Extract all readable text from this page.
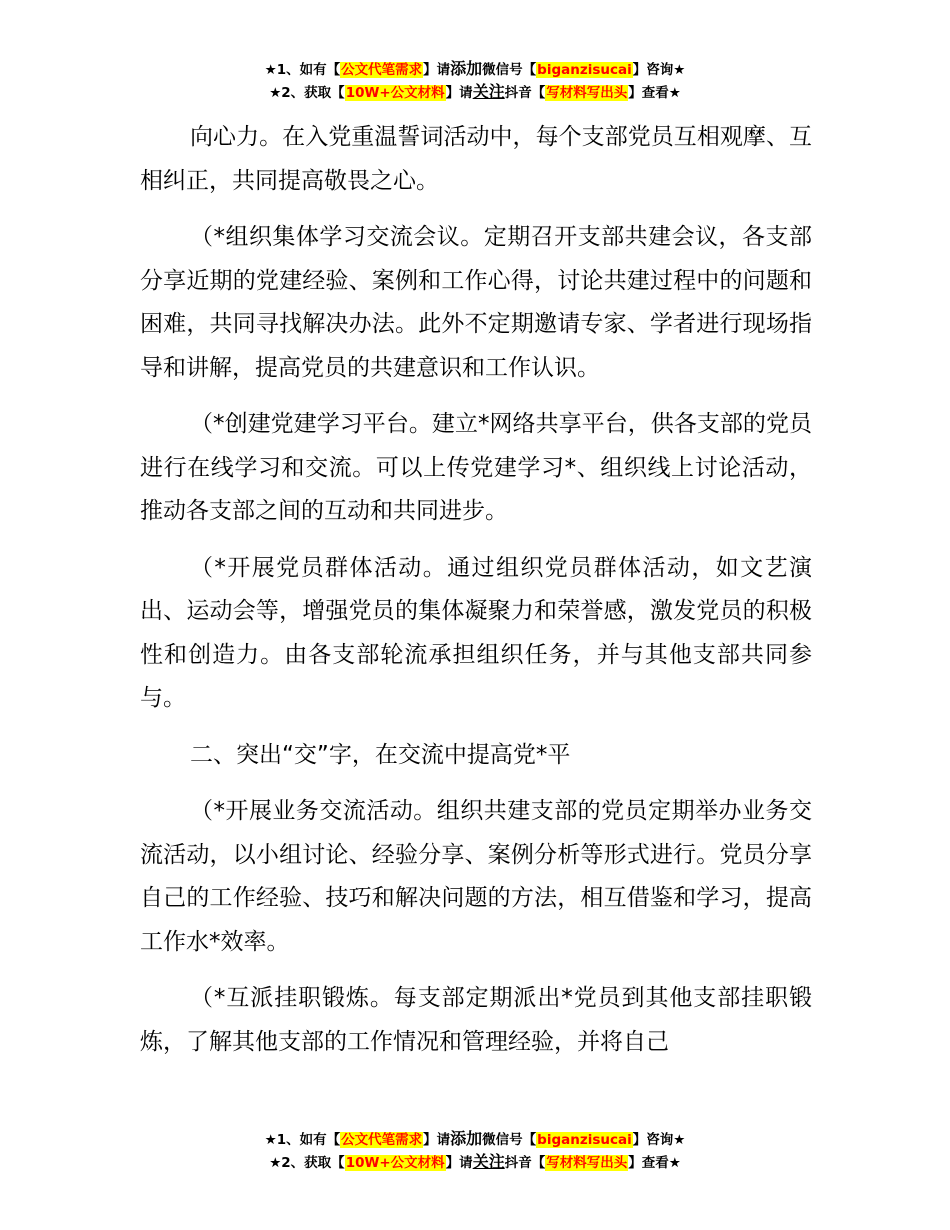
★1、如有【公文代笔需求】请添加微信号【biganzisucai】咨询★
★2、获取【10W+公文材料】请关注抖音【写材料写出头】查看★

向心力。在入党重温誓词活动中，每个支部党员互相观摩、互相纠正，共同提高敬畏之心。

（*组织集体学习交流会议。定期召开支部共建会议，各支部分享近期的党建经验、案例和工作心得，讨论共建过程中的问题和困难，共同寻找解决办法。此外不定期邀请专家、学者进行现场指导和讲解，提高党员的共建意识和工作认识。

（*创建党建学习平台。建立*网络共享平台，供各支部的党员进行在线学习和交流。可以上传党建学习*、组织线上讨论活动，推动各支部之间的互动和共同进步。

（*开展党员群体活动。通过组织党员群体活动，如文艺演出、运动会等，增强党员的集体凝聚力和荣誉感，激发党员的积极性和创造力。由各支部轮流承担组织任务，并与其他支部共同参与。

二、突出“交”字，在交流中提高党*平

（*开展业务交流活动。组织共建支部的党员定期举办业务交流活动，以小组讨论、经验分享、案例分析等形式进行。党员分享自己的工作经验、技巧和解决问题的方法，相互借鉴和学习，提高工作水*效率。

（*互派挂职锻炼。每支部定期派出*党员到其他支部挂职锻炼，了解其他支部的工作情况和管理经验，并将自己

★1、如有【公文代笔需求】请添加微信号【biganzisucai】咨询★
★2、获取【10W+公文材料】请关注抖音【写材料写出头】查看★
